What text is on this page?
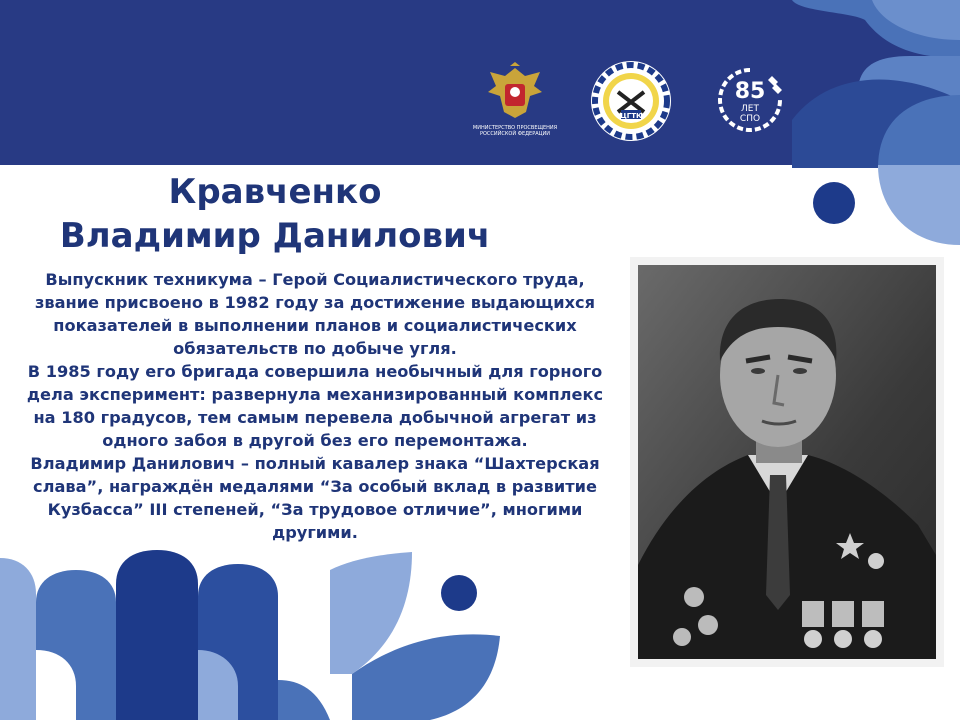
МИНИСТЕРСТВО ПРОСВЕЩЕНИЯ РОССИЙСКОЙ ФЕДЕРАЦИИ
ЦГТК
85
ЛЕТ
СПО
Кравченко
Владимир Данилович

Выпускник техникума – Герой Социалистического труда, звание присвоено в 1982 году за достижение выдающихся показателей в выполнении планов и социалистических обязательств по добыче угля.

В 1985 году его бригада совершила необычный для горного дела эксперимент: развернула механизированный комплекс на 180 градусов, тем самым перевела добычной агрегат из одного забоя в другой без его перемонтажа.

Владимир Данилович – полный кавалер знака “Шахтерская слава”, награждён медалями “За особый вклад в развитие Кузбасса” III степеней, “За трудовое отличие”, многими другими.
